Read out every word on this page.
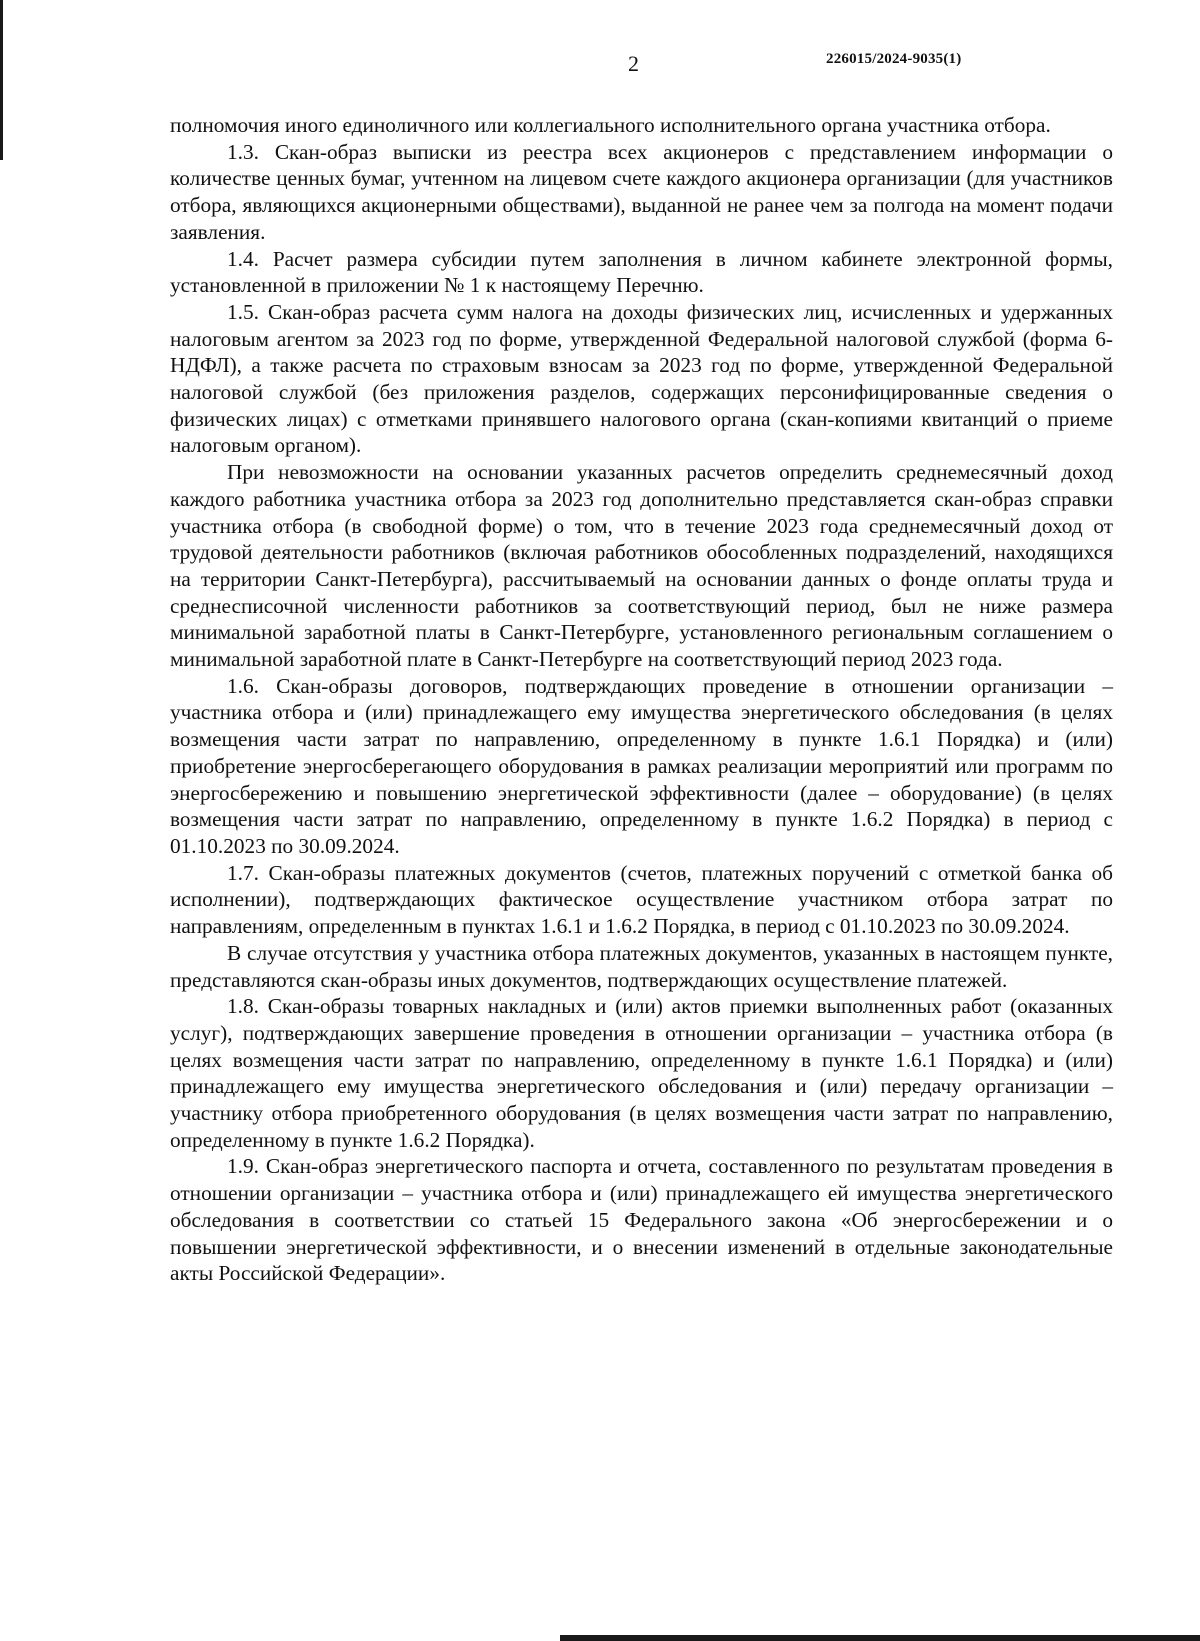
2	226015/2024-9035(1)

полномочия иного единоличного или коллегиального исполнительного органа участника отбора.

1.3. Скан-образ выписки из реестра всех акционеров с представлением информации о количестве ценных бумаг, учтенном на лицевом счете каждого акционера организации (для участников отбора, являющихся акционерными обществами), выданной не ранее чем за полгода на момент подачи заявления.

1.4. Расчет размера субсидии путем заполнения в личном кабинете электронной формы, установленной в приложении № 1 к настоящему Перечню.

1.5. Скан-образ расчета сумм налога на доходы физических лиц, исчисленных и удержанных налоговым агентом за 2023 год по форме, утвержденной Федеральной налоговой службой (форма 6-НДФЛ), а также расчета по страховым взносам за 2023 год по форме, утвержденной Федеральной налоговой службой (без приложения разделов, содержащих персонифицированные сведения о физических лицах) с отметками принявшего налогового органа (скан-копиями квитанций о приеме налоговым органом).

При невозможности на основании указанных расчетов определить среднемесячный доход каждого работника участника отбора за 2023 год дополнительно представляется скан-образ справки участника отбора (в свободной форме) о том, что в течение 2023 года среднемесячный доход от трудовой деятельности работников (включая работников обособленных подразделений, находящихся на территории Санкт-Петербурга), рассчитываемый на основании данных о фонде оплаты труда и среднесписочной численности работников за соответствующий период, был не ниже размера минимальной заработной платы в Санкт-Петербурге, установленного региональным соглашением о минимальной заработной плате в Санкт-Петербурге на соответствующий период 2023 года.

1.6. Скан-образы договоров, подтверждающих проведение в отношении организации – участника отбора и (или) принадлежащего ему имущества энергетического обследования (в целях возмещения части затрат по направлению, определенному в пункте 1.6.1 Порядка) и (или) приобретение энергосберегающего оборудования в рамках реализации мероприятий или программ по энергосбережению и повышению энергетической эффективности (далее – оборудование) (в целях возмещения части затрат по направлению, определенному в пункте 1.6.2 Порядка) в период с 01.10.2023 по 30.09.2024.

1.7. Скан-образы платежных документов (счетов, платежных поручений с отметкой банка об исполнении), подтверждающих фактическое осуществление участником отбора затрат по направлениям, определенным в пунктах 1.6.1 и 1.6.2 Порядка, в период с 01.10.2023 по 30.09.2024.

В случае отсутствия у участника отбора платежных документов, указанных в настоящем пункте, представляются скан-образы иных документов, подтверждающих осуществление платежей.

1.8. Скан-образы товарных накладных и (или) актов приемки выполненных работ (оказанных услуг), подтверждающих завершение проведения в отношении организации – участника отбора (в целях возмещения части затрат по направлению, определенному в пункте 1.6.1 Порядка) и (или) принадлежащего ему имущества энергетического обследования и (или) передачу организации – участнику отбора приобретенного оборудования (в целях возмещения части затрат по направлению, определенному в пункте 1.6.2 Порядка).

1.9. Скан-образ энергетического паспорта и отчета, составленного по результатам проведения в отношении организации – участника отбора и (или) принадлежащего ей имущества энергетического обследования в соответствии со статьей 15 Федерального закона «Об энергосбережении и о повышении энергетической эффективности, и о внесении изменений в отдельные законодательные акты Российской Федерации».
